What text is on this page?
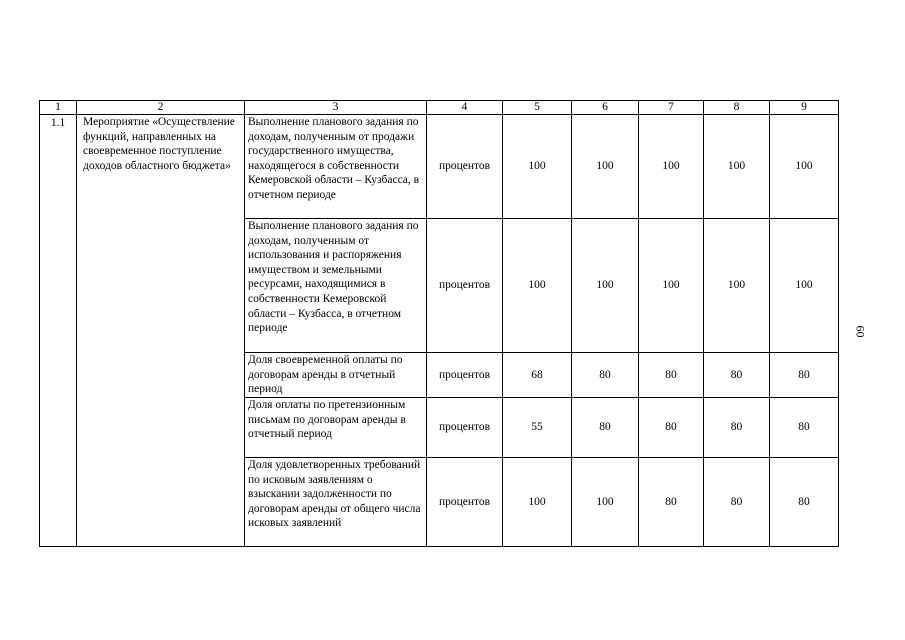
1	2	3	4	5	6	7	8	9
1.1	Мероприятие «Осуществление функций, направленных на своевременное поступление доходов областного бюджета»	Выполнение планового задания по доходам, полученным от продажи государственного имущества, находящегося в собственности Кемеровской области – Кузбасса, в отчетном периоде	процентов	100	100	100	100	100
		Выполнение планового задания по доходам, полученным от использования и распоряжения имуществом и земельными ресурсами, находящимися в собственности Кемеровской области – Кузбасса, в отчетном периоде	процентов	100	100	100	100	100
		Доля своевременной оплаты по договорам аренды в отчетный период	процентов	68	80	80	80	80
		Доля оплаты по претензионным письмам по договорам аренды в отчетный период	процентов	55	80	80	80	80
		Доля удовлетворенных требований по исковым заявлениям о взыскании задолженности по договорам аренды от общего числа исковых заявлений	процентов	100	100	80	80	80
60
